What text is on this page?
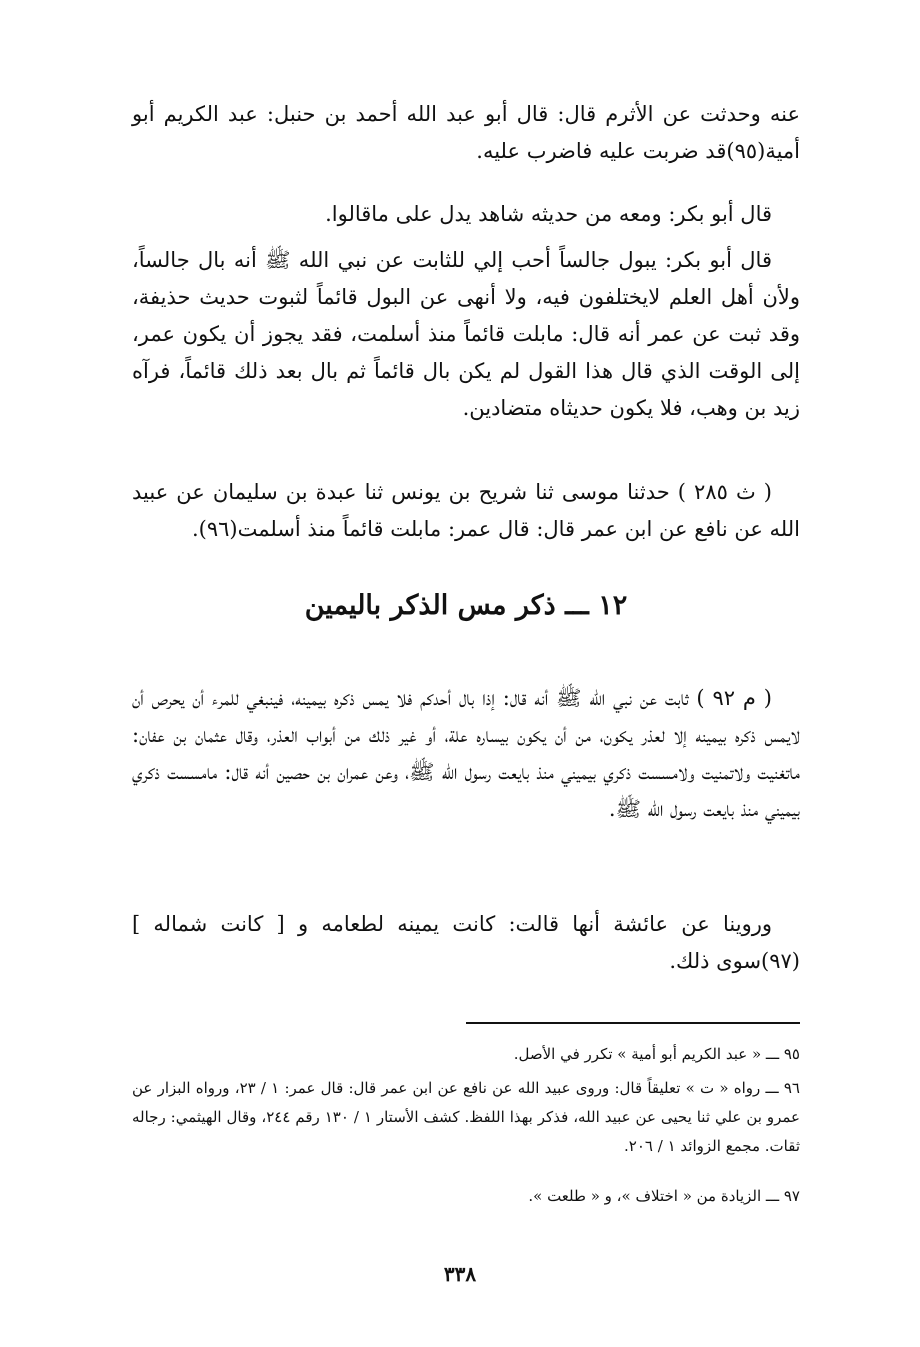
عنه وحدثت عن الأثرم قال: قال أبو عبد الله أحمد بن حنبل: عبد الكريم أبو أمية(٩٥)قد ضربت عليه فاضرب عليه.

قال أبو بكر: ومعه من حديثه شاهد يدل على ماقالوا.

قال أبو بكر: يبول جالساً أحب إلي للثابت عن نبي الله ﷺ أنه بال جالساً، ولأن أهل العلم لايختلفون فيه، ولا أنهى عن البول قائماً لثبوت حديث حذيفة، وقد ثبت عن عمر أنه قال: مابلت قائماً منذ أسلمت، فقد يجوز أن يكون عمر، إلى الوقت الذي قال هذا القول لم يكن بال قائماً ثم بال بعد ذلك قائماً، فرآه زيد بن وهب، فلا يكون حديثاه متضادين.

( ث ٢٨٥ ) حدثنا موسى ثنا شريح بن يونس ثنا عبدة بن سليمان عن عبيد الله عن نافع عن ابن عمر قال: قال عمر: مابلت قائماً منذ أسلمت(٩٦).

١٢ ـــ ذكر مس الذكر باليمين

( م ٩٢ ) ثابت عن نبي الله ﷺ أنه قال: إذا بال أحدكم فلا يمس ذكره بيمينه، فينبغي للمرء أن يحرص أن لايمس ذكره بيمينه إلا لعذر يكون، من أن يكون بيساره علة، أو غير ذلك من أبواب العذر، وقال عثمان بن عفان: ماتغنيت ولاتمنيت ولامسست ذكري بيميني منذ بايعت رسول الله ﷺ، وعن عمران بن حصين أنه قال: مامسست ذكري بيميني منذ بايعت رسول الله ﷺ.

وروينا عن عائشة أنها قالت: كانت يمينه لطعامه و [ كانت شماله ](٩٧)سوى ذلك.

٩٥ ـــ « عبد الكريم أبو أمية » تكرر في الأصل.

٩٦ ـــ رواه « ت » تعليقاً قال: وروى عبيد الله عن نافع عن ابن عمر قال: قال عمر: ١ / ٢٣، ورواه البزار عن عمرو بن علي ثنا يحيى عن عبيد الله، فذكر بهذا اللفظ. كشف الأستار ١ / ١٣٠ رقم ٢٤٤، وقال الهيثمي: رجاله ثقات. مجمع الزوائد ١ / ٢٠٦.

٩٧ ـــ الزيادة من « اختلاف »، و « طلعت ».

٣٣٨
